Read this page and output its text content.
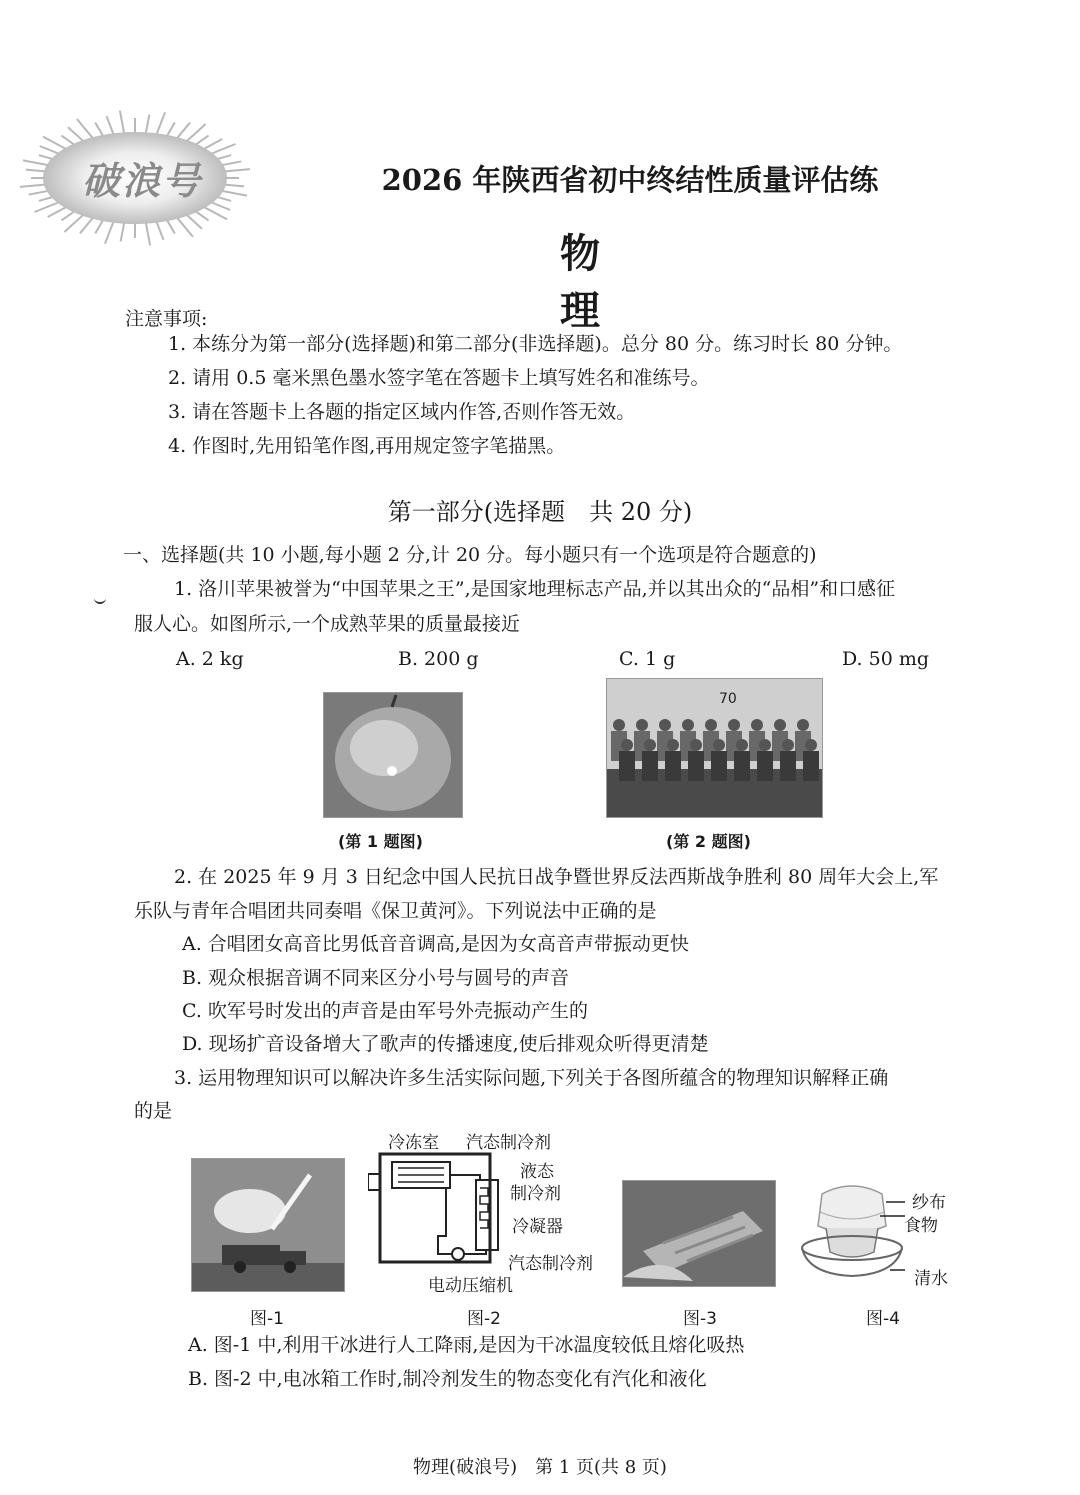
破浪号	2026 年陕西省初中终结性质量评估练
物理
注意事项:
1. 本练分为第一部分(选择题)和第二部分(非选择题)。总分 80 分。练习时长 80 分钟。
2. 请用 0.5 毫米黑色墨水签字笔在答题卡上填写姓名和准练号。
3. 请在答题卡上各题的指定区域内作答,否则作答无效。
4. 作图时,先用铅笔作图,再用规定签字笔描黑。
第一部分(选择题　共 20 分)
一、选择题(共 10 小题,每小题 2 分,计 20 分。每小题只有一个选项是符合题意的)
1. 洛川苹果被誉为“中国苹果之王”,是国家地理标志产品,并以其出众的“品相”和口感征
服人心。如图所示,一个成熟苹果的质量最接近
A. 2 kg	B. 200 g	C. 1 g	D. 50 mg
(第 1 题图)
70
(第 2 题图)
2. 在 2025 年 9 月 3 日纪念中国人民抗日战争暨世界反法西斯战争胜利 80 周年大会上,军
乐队与青年合唱团共同奏唱《保卫黄河》。下列说法中正确的是
A. 合唱团女高音比男低音音调高,是因为女高音声带振动更快
B. 观众根据音调不同来区分小号与圆号的声音
C. 吹军号时发出的声音是由军号外壳振动产生的
D. 现场扩音设备增大了歌声的传播速度,使后排观众听得更清楚
3. 运用物理知识可以解决许多生活实际问题,下列关于各图所蕴含的物理知识解释正确
的是
冷冻室 汽态制冷剂
液态
制冷剂
冷凝器
汽态制冷剂
电动压缩机
纱布
食物
清水
图-1	图-2	图-3	图-4
A. 图-1 中,利用干冰进行人工降雨,是因为干冰温度较低且熔化吸热
B. 图-2 中,电冰箱工作时,制冷剂发生的物态变化有汽化和液化
物理(破浪号)　第 1 页(共 8 页)
